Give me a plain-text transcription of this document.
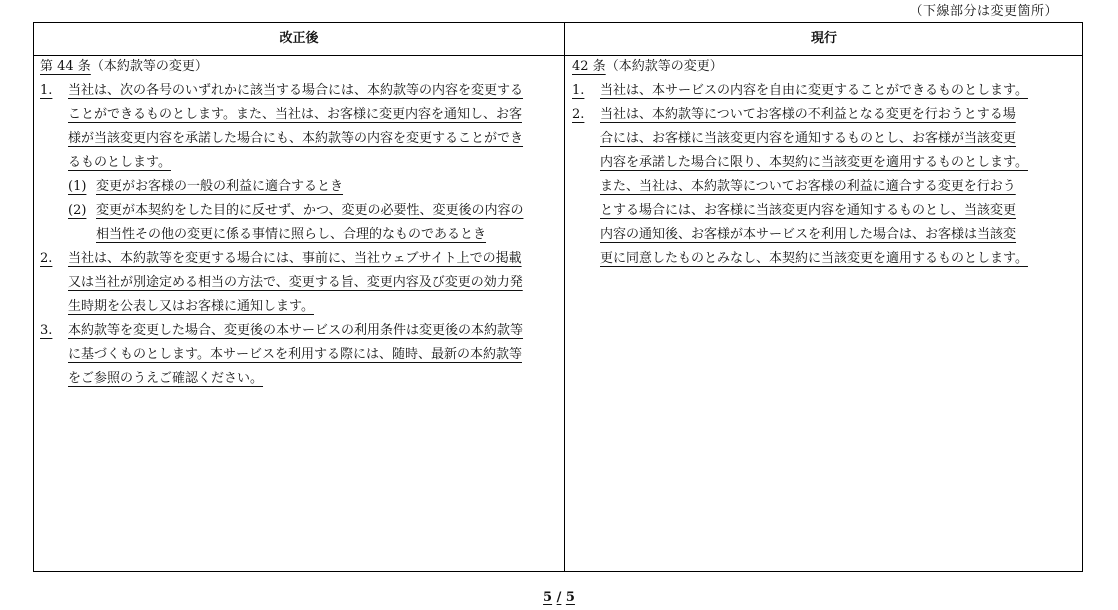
（下線部分は変更箇所）
改正後	現行
第 44 条（本約款等の変更）
1. 当社は、次の各号のいずれかに該当する場合には、本約款等の内容を変更する
ことができるものとします。また、当社は、お客様に変更内容を通知し、お客
様が当該変更内容を承諾した場合にも、本約款等の内容を変更することができ
るものとします。
(1) 変更がお客様の一般の利益に適合するとき
(2) 変更が本契約をした目的に反せず、かつ、変更の必要性、変更後の内容の
相当性その他の変更に係る事情に照らし、合理的なものであるとき
2. 当社は、本約款等を変更する場合には、事前に、当社ウェブサイト上での掲載
又は当社が別途定める相当の方法で、変更する旨、変更内容及び変更の効力発
生時期を公表し又はお客様に通知します。
3. 本約款等を変更した場合、変更後の本サービスの利用条件は変更後の本約款等
に基づくものとします。本サービスを利用する際には、随時、最新の本約款等
をご参照のうえご確認ください。
42 条（本約款等の変更）
1. 当社は、本サービスの内容を自由に変更することができるものとします。
2. 当社は、本約款等についてお客様の不利益となる変更を行おうとする場
合には、お客様に当該変更内容を通知するものとし、お客様が当該変更
内容を承諾した場合に限り、本契約に当該変更を適用するものとします。
また、当社は、本約款等についてお客様の利益に適合する変更を行おう
とする場合には、お客様に当該変更内容を通知するものとし、当該変更
内容の通知後、お客様が本サービスを利用した場合は、お客様は当該変
更に同意したものとみなし、本契約に当該変更を適用するものとします。
5 / 5
